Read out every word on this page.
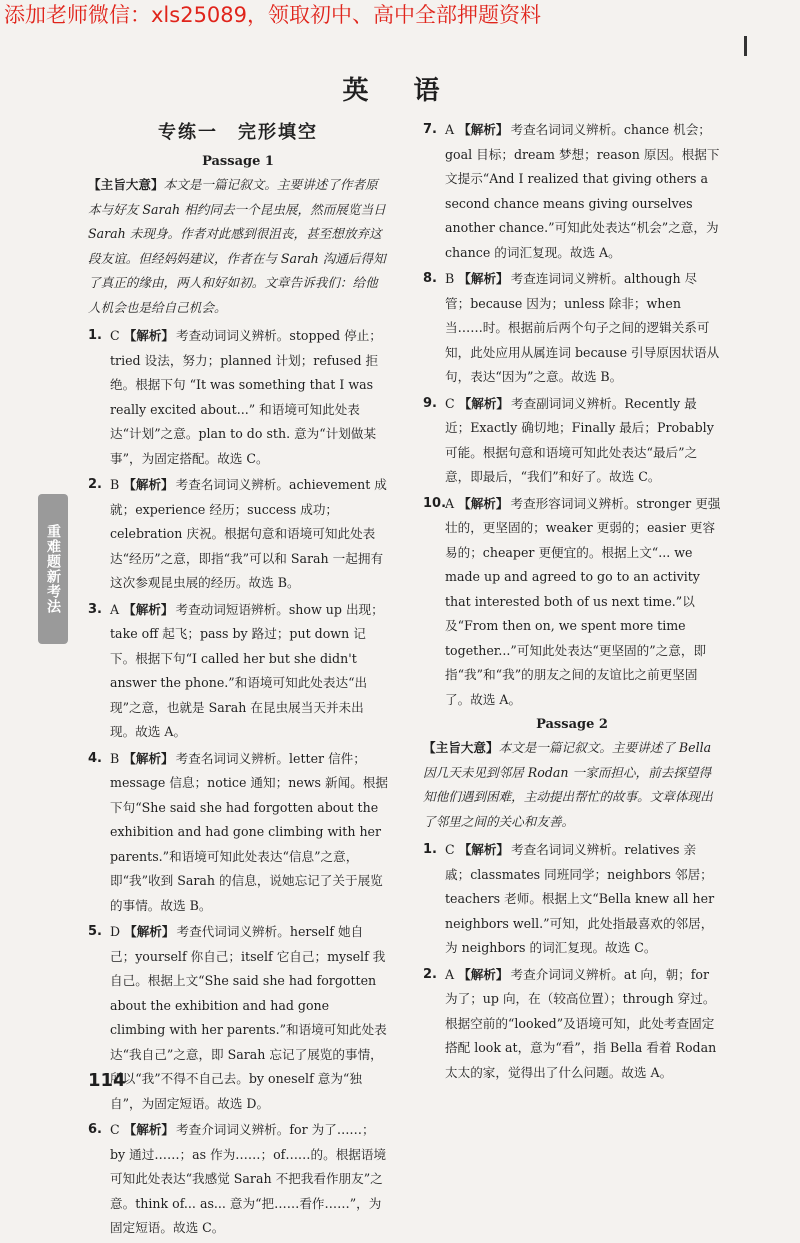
添加老师微信：xls25089，领取初中、高中全部押题资料
英 语
重难题新考法
专练一　完形填空
Passage 1

【主旨大意】本文是一篇记叙文。主要讲述了作者原本与好友 Sarah 相约同去一个昆虫展，然而展览当日 Sarah 未现身。作者对此感到很沮丧，甚至想放弃这段友谊。但经妈妈建议，作者在与 Sarah 沟通后得知了真正的缘由，两人和好如初。文章告诉我们：给他人机会也是给自己机会。

1. C 【解析】 考查动词词义辨析。stopped 停止；tried 设法，努力；planned 计划；refused 拒绝。根据下句 “It was something that I was really excited about...” 和语境可知此处表达“计划”之意。plan to do sth. 意为“计划做某事”，为固定搭配。故选 C。
2. B 【解析】 考查名词词义辨析。achievement 成就；experience 经历；success 成功；celebration 庆祝。根据句意和语境可知此处表达“经历”之意，即指“我”可以和 Sarah 一起拥有这次参观昆虫展的经历。故选 B。
3. A 【解析】 考查动词短语辨析。show up 出现；take off 起飞；pass by 路过；put down 记下。根据下句“I called her but she didn't answer the phone.”和语境可知此处表达“出现”之意，也就是 Sarah 在昆虫展当天并未出现。故选 A。
4. B 【解析】 考查名词词义辨析。letter 信件；message 信息；notice 通知；news 新闻。根据下句“She said she had forgotten about the exhibition and had gone climbing with her parents.”和语境可知此处表达“信息”之意，即“我”收到 Sarah 的信息，说她忘记了关于展览的事情。故选 B。
5. D 【解析】 考查代词词义辨析。herself 她自己；yourself 你自己；itself 它自己；myself 我自己。根据上文“She said she had forgotten about the exhibition and had gone climbing with her parents.”和语境可知此处表达“我自己”之意，即 Sarah 忘记了展览的事情，所以“我”不得不自己去。by oneself 意为“独自”，为固定短语。故选 D。
6. C 【解析】 考查介词词义辨析。for 为了……；by 通过……；as 作为……；of……的。根据语境可知此处表达“我感觉 Sarah 不把我看作朋友”之意。think of... as... 意为“把……看作……”，为固定短语。故选 C。
7. A 【解析】 考查名词词义辨析。chance 机会；goal 目标；dream 梦想；reason 原因。根据下文提示“And I realized that giving others a second chance means giving ourselves another chance.”可知此处表达“机会”之意，为 chance 的词汇复现。故选 A。
8. B 【解析】 考查连词词义辨析。although 尽管；because 因为；unless 除非；when 当……时。根据前后两个句子之间的逻辑关系可知，此处应用从属连词 because 引导原因状语从句，表达“因为”之意。故选 B。
9. C 【解析】 考查副词词义辨析。Recently 最近；Exactly 确切地；Finally 最后；Probably 可能。根据句意和语境可知此处表达“最后”之意，即最后，“我们”和好了。故选 C。
10.
A 【解析】 考查形容词词义辨析。stronger 更强壮的，更坚固的；weaker 更弱的；easier 更容易的；cheaper 更便宜的。根据上文“... we made up and agreed to go to an activity that interested both of us next time.”以及“From then on, we spent more time together...”可知此处表达“更坚固的”之意，即指“我”和“我”的朋友之间的友谊比之前更坚固了。故选 A。
Passage 2

【主旨大意】本文是一篇记叙文。主要讲述了 Bella 因几天未见到邻居 Rodan 一家而担心，前去探望得知他们遇到困难，主动提出帮忙的故事。文章体现出了邻里之间的关心和友善。

1. C 【解析】 考查名词词义辨析。relatives 亲戚；classmates 同班同学；neighbors 邻居；teachers 老师。根据上文“Bella knew all her neighbors well.”可知，此处指最喜欢的邻居，为 neighbors 的词汇复现。故选 C。
2. A 【解析】 考查介词词义辨析。at 向，朝；for 为了；up 向，在（较高位置）；through 穿过。根据空前的“looked”及语境可知，此处考查固定搭配 look at，意为“看”，指 Bella 看着 Rodan 太太的家，觉得出了什么问题。故选 A。
114
